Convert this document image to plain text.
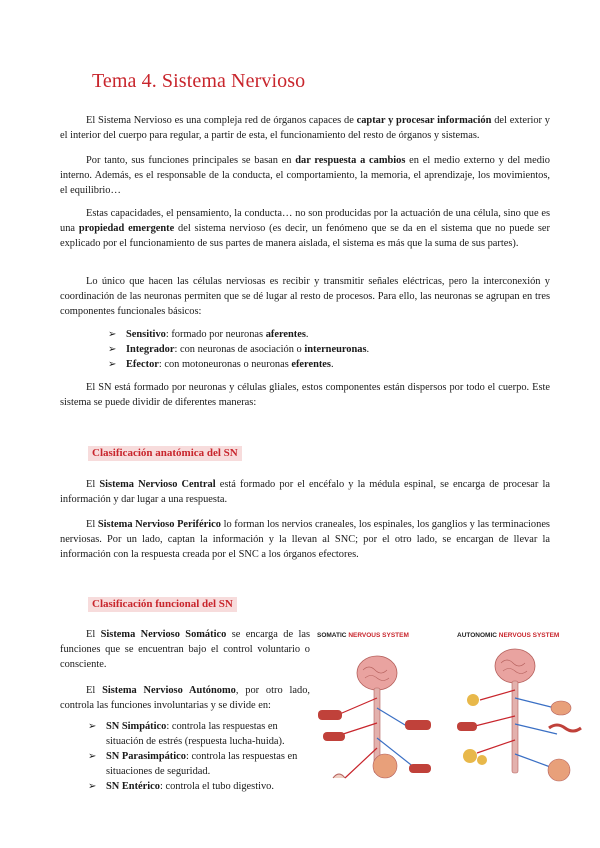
Tema 4. Sistema Nervioso

El Sistema Nervioso es una compleja red de órganos capaces de captar y procesar información del exterior y el interior del cuerpo para regular, a partir de esta, el funcionamiento del resto de órganos y sistemas.

Por tanto, sus funciones principales se basan en dar respuesta a cambios en el medio externo y del medio interno. Además, es el responsable de la conducta, el comportamiento, la memoria, el aprendizaje, los movimientos, el equilibrio…

Estas capacidades, el pensamiento, la conducta… no son producidas por la actuación de una célula, sino que es una propiedad emergente del sistema nervioso (es decir, un fenómeno que se da en el sistema que no puede ser explicado por el funcionamiento de sus partes de manera aislada, el sistema es más que la suma de sus partes).

Lo único que hacen las células nerviosas es recibir y transmitir señales eléctricas, pero la interconexión y coordinación de las neuronas permiten que se dé lugar al resto de procesos. Para ello, las neuronas se agrupan en tres componentes funcionales básicos:

➢ Sensitivo: formado por neuronas aferentes.
➢ Integrador: con neuronas de asociación o interneuronas.
➢ Efector: con motoneuronas o neuronas eferentes.

El SN está formado por neuronas y células gliales, estos componentes están dispersos por todo el cuerpo. Este sistema se puede dividir de diferentes maneras:

Clasificación anatómica del SN

El Sistema Nervioso Central está formado por el encéfalo y la médula espinal, se encarga de procesar la información y dar lugar a una respuesta.

El Sistema Nervioso Periférico lo forman los nervios craneales, los espinales, los ganglios y las terminaciones nerviosas. Por un lado, captan la información y la llevan al SNC; por el otro lado, se encargan de llevar la información con la respuesta creada por el SNC a los órganos efectores.

Clasificación funcional del SN

El Sistema Nervioso Somático se encarga de las funciones que se encuentran bajo el control voluntario o consciente.

El Sistema Nervioso Autónomo, por otro lado, controla las funciones involuntarias y se divide en:

➢ SN Simpático: controla las respuestas en situación de estrés (respuesta lucha-huida).
➢ SN Parasimpático: controla las respuestas en situaciones de seguridad.
➢ SN Entérico: controla el tubo digestivo.
SOMATIC NERVOUS SYSTEM	AUTONOMIC NERVOUS SYSTEM
